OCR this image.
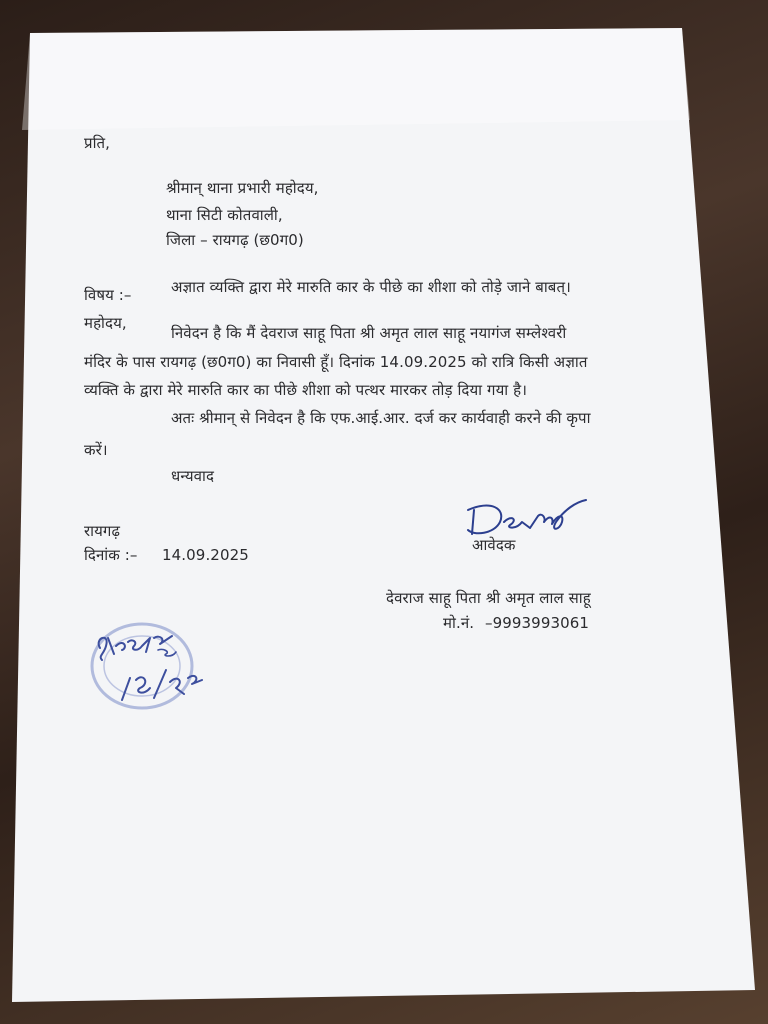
प्रति,
श्रीमान् थाना प्रभारी महोदय,
थाना सिटी कोतवाली,
जिला – रायगढ़ (छ0ग0)
विषय :–	अज्ञात व्यक्ति द्वारा मेरे मारुति कार के पीछे का शीशा को तोड़े जाने बाबत्।
महोदय,
निवेदन है कि मैं देवराज साहू पिता श्री अमृत लाल साहू नयागंज सम्लेश्वरी
मंदिर के पास रायगढ़ (छ0ग0) का निवासी हूँ। दिनांक 14.09.2025 को रात्रि किसी अज्ञात
व्यक्ति के द्वारा मेरे मारुति कार का पीछे शीशा को पत्थर मारकर तोड़ दिया गया है।
अतः श्रीमान् से निवेदन है कि एफ.आई.आर. दर्ज कर कार्यवाही करने की कृपा
करें।
धन्यवाद
रायगढ़
दिनांक :– 14.09.2025
आवेदक
देवराज साहू पिता श्री अमृत लाल साहू
मो.नं. –9993993061
